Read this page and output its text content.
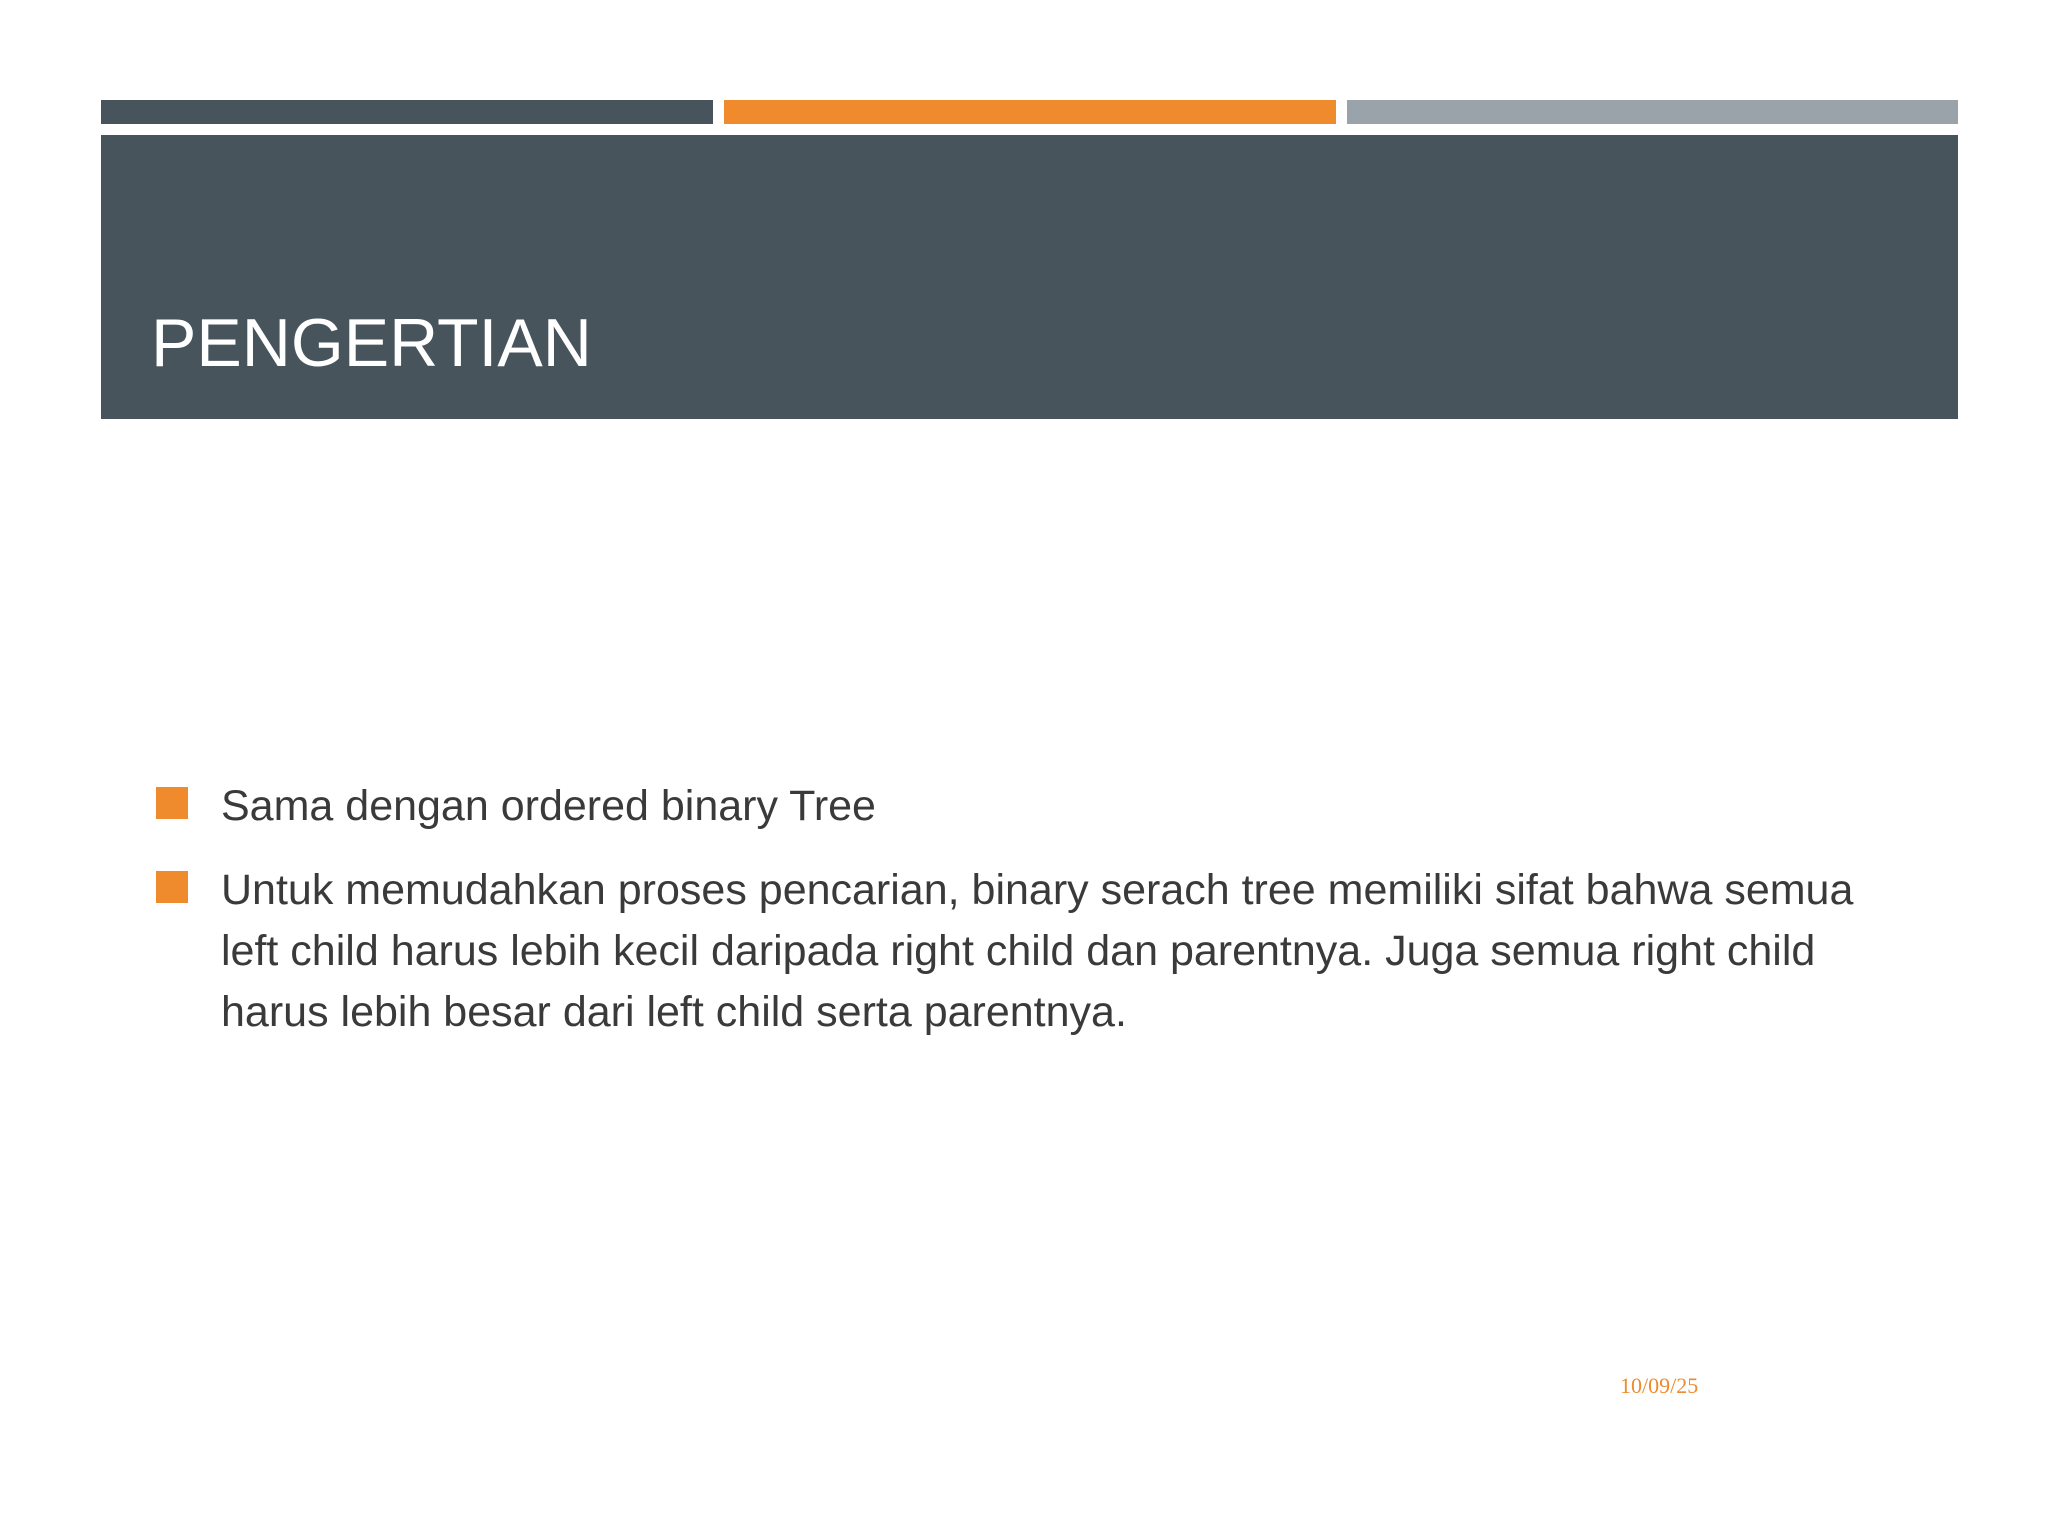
PENGERTIAN
Sama dengan ordered binary Tree
Untuk memudahkan proses pencarian, binary serach tree memiliki sifat bahwa semua left child harus lebih kecil daripada right child dan parentnya. Juga semua right child harus lebih besar dari left child serta parentnya.
10/09/25
